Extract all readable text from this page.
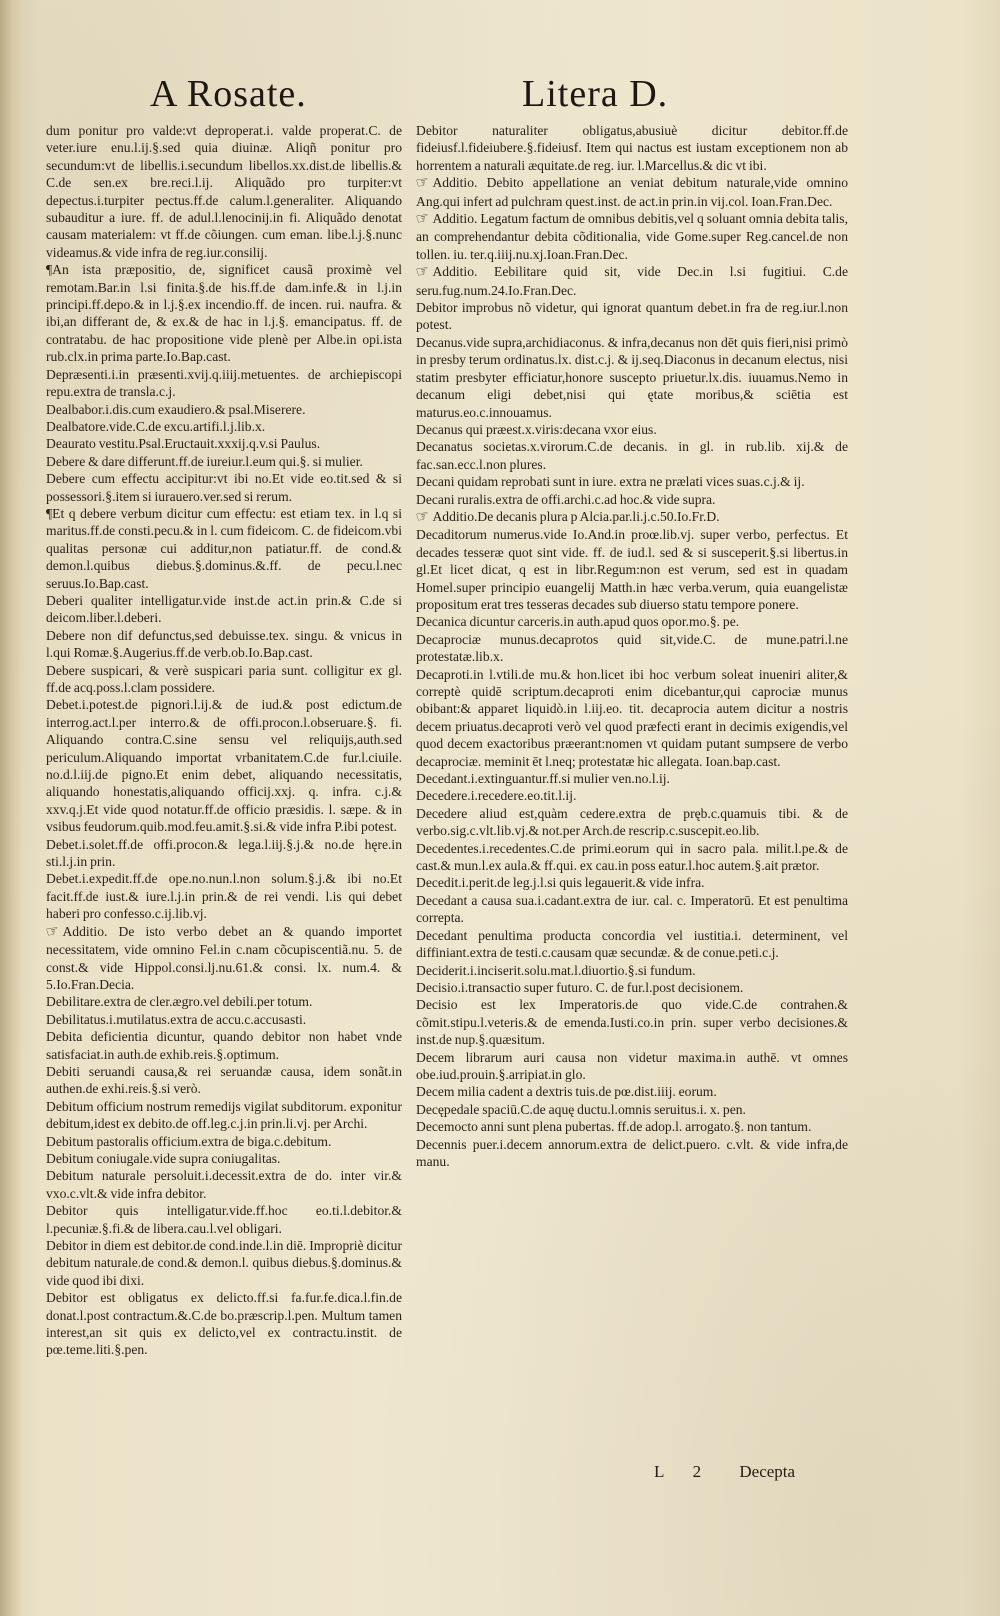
A Rosate.	Litera D.

dum ponitur pro valde:vt deproperat.i. valde properat.C. de veter.iure enu.l.ij.§.sed quia diuinæ. Aliqñ ponitur pro secundum:vt de libellis.i.secundum libellos.xx.dist.de libellis.& C.de sen.ex bre.reci.l.ij. Aliquãdo pro turpiter:vt depectus.i.turpiter pectus.ff.de calum.l.generaliter. Aliquando subauditur a iure. ff. de adul.l.lenocinij.in fi. Aliquãdo denotat causam materialem: vt ff.de cõiungen. cum eman. libe.l.j.§.nunc videamus.& vide infra de reg.iur.consilij.

¶An ista præpositio, de, significet causã proximè vel remotam.Bar.in l.si finita.§.de his.ff.de dam.infe.& in l.j.in principi.ff.depo.& in l.j.§.ex incendio.ff. de incen. rui. naufra. & ibi,an differant de, & ex.& de hac in l.j.§. emancipatus. ff. de contratabu. de hac propositione vide plenè per Albe.in opi.ista rub.clx.in prima parte.Io.Bap.cast.

Depræsenti.i.in præsenti.xvij.q.iiij.metuentes. de archiepiscopi repu.extra de transla.c.j.

Dealbabor.i.dis.cum exaudiero.& psal.Miserere.

Dealbatore.vide.C.de excu.artifi.l.j.lib.x.

Deaurato vestitu.Psal.Eructauit.xxxij.q.v.si Paulus.

Debere & dare differunt.ff.de iureiur.l.eum qui.§. si mulier.

Debere cum effectu accipitur:vt ibi no.Et vide eo.tit.sed & si possessori.§.item si iurauero.ver.sed si rerum.

¶Et q debere verbum dicitur cum effectu: est etiam tex. in l.q si maritus.ff.de consti.pecu.& in l. cum fideicom. C. de fideicom.vbi qualitas personæ cui additur,non patiatur.ff. de cond.& demon.l.quibus diebus.§.dominus.&.ff. de pecu.l.nec seruus.Io.Bap.cast.

Deberi qualiter intelligatur.vide inst.de act.in prin.& C.de si deicom.liber.l.deberi.

Debere non dif defunctus,sed debuisse.tex. singu. & vnicus in l.qui Romæ.§.Augerius.ff.de verb.ob.Io.Bap.cast.

Debere suspicari, & verè suspicari paria sunt. colligitur ex gl. ff.de acq.poss.l.clam possidere.

Debet.i.potest.de pignori.l.ij.& de iud.& post edictum.de interrog.act.l.per interro.& de offi.procon.l.obseruare.§. fi. Aliquando contra.C.sine sensu vel reliquijs,auth.sed periculum.Aliquando importat vrbanitatem.C.de fur.l.ciuile. no.d.l.iij.de pigno.Et enim debet, aliquando necessitatis, aliquando honestatis,aliquando officij.xxj. q. infra. c.j.& xxv.q.j.Et vide quod notatur.ff.de officio præsidis. l. sæpe. & in vsibus feudorum.quib.mod.feu.amit.§.si.& vide infra P.ibi potest.

Debet.i.solet.ff.de offi.procon.& lega.l.iij.§.j.& no.de hęre.in sti.l.j.in prin.

Debet.i.expedit.ff.de ope.no.nun.l.non solum.§.j.& ibi no.Et facit.ff.de iust.& iure.l.j.in prin.& de rei vendi. l.is qui debet haberi pro confesso.c.ij.lib.vj.

☞ Additio. De isto verbo debet an & quando importet necessitatem, vide omnino Fel.in c.nam cõcupiscentiã.nu. 5. de const.& vide Hippol.consi.lj.nu.61.& consi. lx. num.4. & 5.Io.Fran.Decia.

Debilitare.extra de cler.ægro.vel debili.per totum.

Debilitatus.i.mutilatus.extra de accu.c.accusasti.

Debita deficientia dicuntur, quando debitor non habet vnde satisfaciat.in auth.de exhib.reis.§.optimum.

Debiti seruandi causa,& rei seruandæ causa, idem sonãt.in authen.de exhi.reis.§.si verò.

Debitum officium nostrum remedijs vigilat subditorum. exponitur debitum,idest ex debito.de off.leg.c.j.in prin.li.vj. per Archi.

Debitum pastoralis officium.extra de biga.c.debitum.

Debitum coniugale.vide supra coniugalitas.

Debitum naturale persoluit.i.decessit.extra de do. inter vir.& vxo.c.vlt.& vide infra debitor.

Debitor quis intelligatur.vide.ff.hoc eo.ti.l.debitor.& l.pecuniæ.§.fi.& de libera.cau.l.vel obligari.

Debitor in diem est debitor.de cond.inde.l.in diē. Impropriè dicitur debitum naturale.de cond.& demon.l. quibus diebus.§.dominus.& vide quod ibi dixi.

Debitor est obligatus ex delicto.ff.si fa.fur.fe.dica.l.fin.de donat.l.post contractum.&.C.de bo.præscrip.l.pen. Multum tamen interest,an sit quis ex delicto,vel ex contractu.instit. de pœ.teme.liti.§.pen.

Debitor naturaliter obligatus,abusiuè dicitur debitor.ff.de fideiusf.l.fideiubere.§.fideiusf. Item qui nactus est iustam exceptionem non ab horrentem a naturali æquitate.de reg. iur. l.Marcellus.& dic vt ibi.

☞ Additio. Debito appellatione an veniat debitum naturale,vide omnino Ang.qui infert ad pulchram quest.inst. de act.in prin.in vij.col. Ioan.Fran.Dec.

☞ Additio. Legatum factum de omnibus debitis,vel q soluant omnia debita talis, an comprehendantur debita cõditionalia, vide Gome.super Reg.cancel.de non tollen. iu. ter.q.iiij.nu.xj.Ioan.Fran.Dec.

☞ Additio. Eebilitare quid sit, vide Dec.in l.si fugitiui. C.de seru.fug.num.24.Io.Fran.Dec.

Debitor improbus nõ videtur, qui ignorat quantum debet.in fra de reg.iur.l.non potest.

Decanus.vide supra,archidiaconus. & infra,decanus non dēt quis fieri,nisi primò in presby terum ordinatus.lx. dist.c.j. & ij.seq.Diaconus in decanum electus, nisi statim presbyter efficiatur,honore suscepto priuetur.lx.dis. iuuamus.Nemo in decanum eligi debet,nisi qui ętate moribus,& sciētia est maturus.eo.c.innouamus.

Decanus qui præest.x.viris:decana vxor eius.

Decanatus societas.x.virorum.C.de decanis. in gl. in rub.lib. xij.& de fac.san.ecc.l.non plures.

Decani quidam reprobati sunt in iure. extra ne prælati vices suas.c.j.& ij.

Decani ruralis.extra de offi.archi.c.ad hoc.& vide supra.

☞ Additio.De decanis plura p Alcia.par.li.j.c.50.Io.Fr.D.

Decaditorum numerus.vide Io.And.in proœ.lib.vj. super verbo, perfectus. Et decades tesseræ quot sint vide. ff. de iud.l. sed & si susceperit.§.si libertus.in gl.Et licet dicat, q est in libr.Regum:non est verum, sed est in quadam Homel.super principio euangelij Matth.in hæc verba.verum, quia euangelistæ propositum erat tres tesseras decades sub diuerso statu tempore ponere.

Decanica dicuntur carceris.in auth.apud quos opor.mo.§. pe.

Decaprociæ munus.decaprotos quid sit,vide.C. de mune.patri.l.ne protestatæ.lib.x.

Decaproti.in l.vtili.de mu.& hon.licet ibi hoc verbum soleat inueniri aliter,& correptè quidē scriptum.decaproti enim dicebantur,qui caprociæ munus obibant:& apparet liquidò.in l.iij.eo. tit. decaprocia autem dicitur a nostris decem priuatus.decaproti verò vel quod præfecti erant in decimis exigendis,vel quod decem exactoribus præerant:nomen vt quidam putant sumpsere de verbo decaprociæ. meminit ēt l.neq; protestatæ hic allegata. Ioan.bap.cast.

Decedant.i.extinguantur.ff.si mulier ven.no.l.ij.

Decedere.i.recedere.eo.tit.l.ij.

Decedere aliud est,quàm cedere.extra de pręb.c.quamuis tibi. & de verbo.sig.c.vlt.lib.vj.& not.per Arch.de rescrip.c.suscepit.eo.lib.

Decedentes.i.recedentes.C.de primi.eorum qui in sacro pala. milit.l.pe.& de cast.& mun.l.ex aula.& ff.qui. ex cau.in poss eatur.l.hoc autem.§.ait prætor.

Decedit.i.perit.de leg.j.l.si quis legauerit.& vide infra.

Decedant a causa sua.i.cadant.extra de iur. cal. c. Imperatorū. Et est penultima correpta.

Decedant penultima producta concordia vel iustitia.i. determinent, vel diffiniant.extra de testi.c.causam quæ secundæ. & de conue.peti.c.j.

Deciderit.i.inciserit.solu.mat.l.diuortio.§.si fundum.

Decisio.i.transactio super futuro. C. de fur.l.post decisionem.

Decisio est lex Imperatoris.de quo vide.C.de contrahen.& cõmit.stipu.l.veteris.& de emenda.Iusti.co.in prin. super verbo decisiones.& inst.de nup.§.quæsitum.

Decem librarum auri causa non videtur maxima.in authē. vt omnes obe.iud.prouin.§.arripiat.in glo.

Decem milia cadent a dextris tuis.de pœ.dist.iiij. eorum.

Decępedale spaciū.C.de aquę ductu.l.omnis seruitus.i. x. pen.

Decemocto anni sunt plena pubertas. ff.de adop.l. arrogato.§. non tantum.

Decennis puer.i.decem annorum.extra de delict.puero. c.vlt. & vide infra,de manu.

L 2 Decepta
